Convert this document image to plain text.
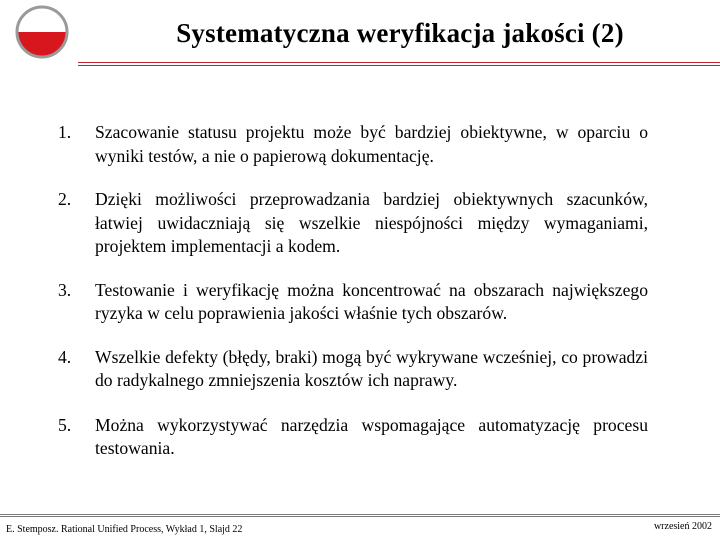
Systematyczna weryfikacja jakości (2)
1. Szacowanie statusu projektu może być bardziej obiektywne, w oparciu o wyniki testów, a nie o papierową dokumentację.
2. Dzięki możliwości przeprowadzania bardziej obiektywnych szacunków, łatwiej uwidaczniają się wszelkie niespójności między wymaganiami, projektem implementacji a kodem.
3. Testowanie i weryfikację można koncentrować na obszarach największego ryzyka w celu poprawienia jakości właśnie tych obszarów.
4. Wszelkie defekty (błędy, braki) mogą być wykrywane wcześniej, co prowadzi do radykalnego zmniejszenia kosztów ich naprawy.
5. Można wykorzystywać narzędzia wspomagające automatyzację procesu testowania.
E. Stemposz. Rational Unified Process, Wykład 1, Slajd 22	wrzesień 2002
